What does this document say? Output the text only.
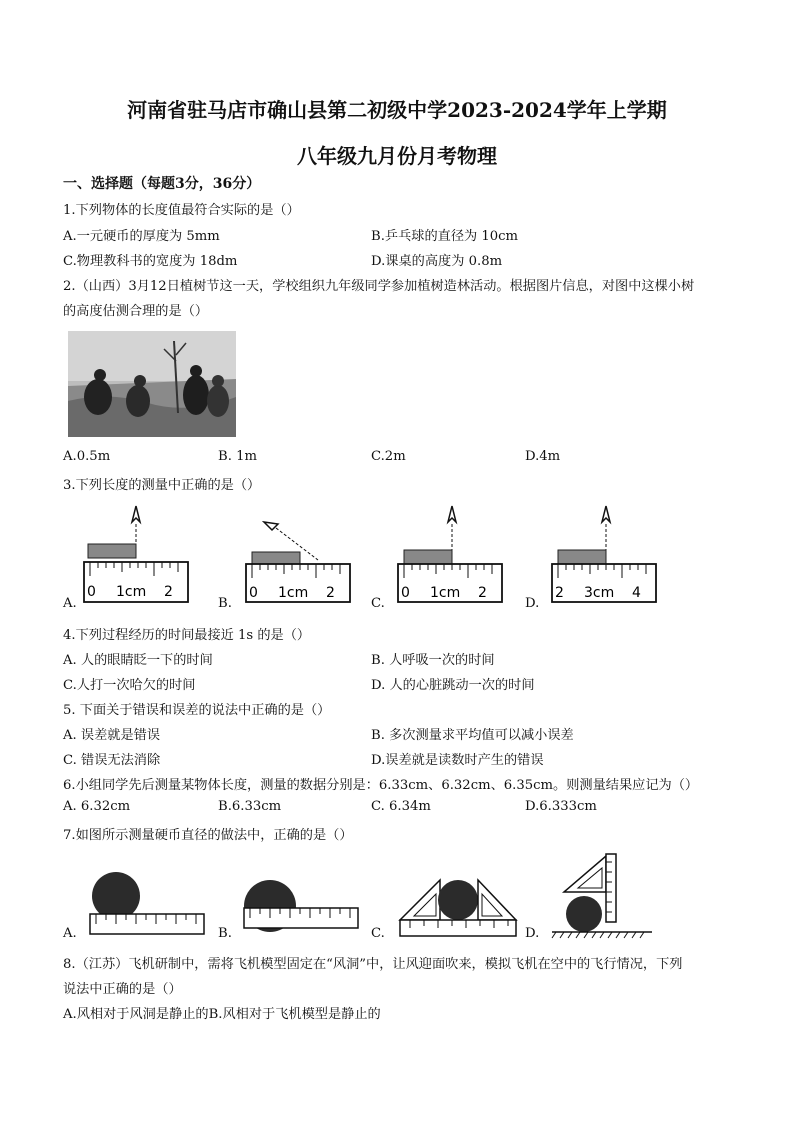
河南省驻马店市确山县第二初级中学2023-2024学年上学期
八年级九月份月考物理
一、选择题（每题3分，36分）
1.下列物体的长度值最符合实际的是（）
A.一元硬币的厚度为 5mm	B.乒乓球的直径为 10cm
C.物理教科书的宽度为 18dm	D.课桌的高度为 0.8m
2.（山西）3月12日植树节这一天，学校组织九年级同学参加植树造林活动。根据图片信息，对图中这棵小树
的高度估测合理的是（）
A.0.5m	B. 1m	C.2m	D.4m
3.下列长度的测量中正确的是（）
A.
0 1cm 2
B.
0 1cm 2
C.
0 1cm 2
D.
2 3cm 4
4.下列过程经历的时间最接近 1s 的是（）
A. 人的眼睛眨一下的时间	B. 人呼吸一次的时间
C.人打一次哈欠的时间	D. 人的心脏跳动一次的时间
5. 下面关于错误和误差的说法中正确的是（）
A. 误差就是错误	B. 多次测量求平均值可以减小误差
C. 错误无法消除	D.误差就是读数时产生的错误
6.小组同学先后测量某物体长度，测量的数据分别是：6.33cm、6.32cm、6.35cm。则测量结果应记为（）
A. 6.32cm	B.6.33cm	C. 6.34m	D.6.333cm
7.如图所示测量硬币直径的做法中，正确的是（）
A.	B.	C.	D.
8.（江苏）飞机研制中，需将飞机模型固定在“风洞”中，让风迎面吹来，模拟飞机在空中的飞行情况，下列
说法中正确的是（）
A.风相对于风洞是静止的B.风相对于飞机模型是静止的
